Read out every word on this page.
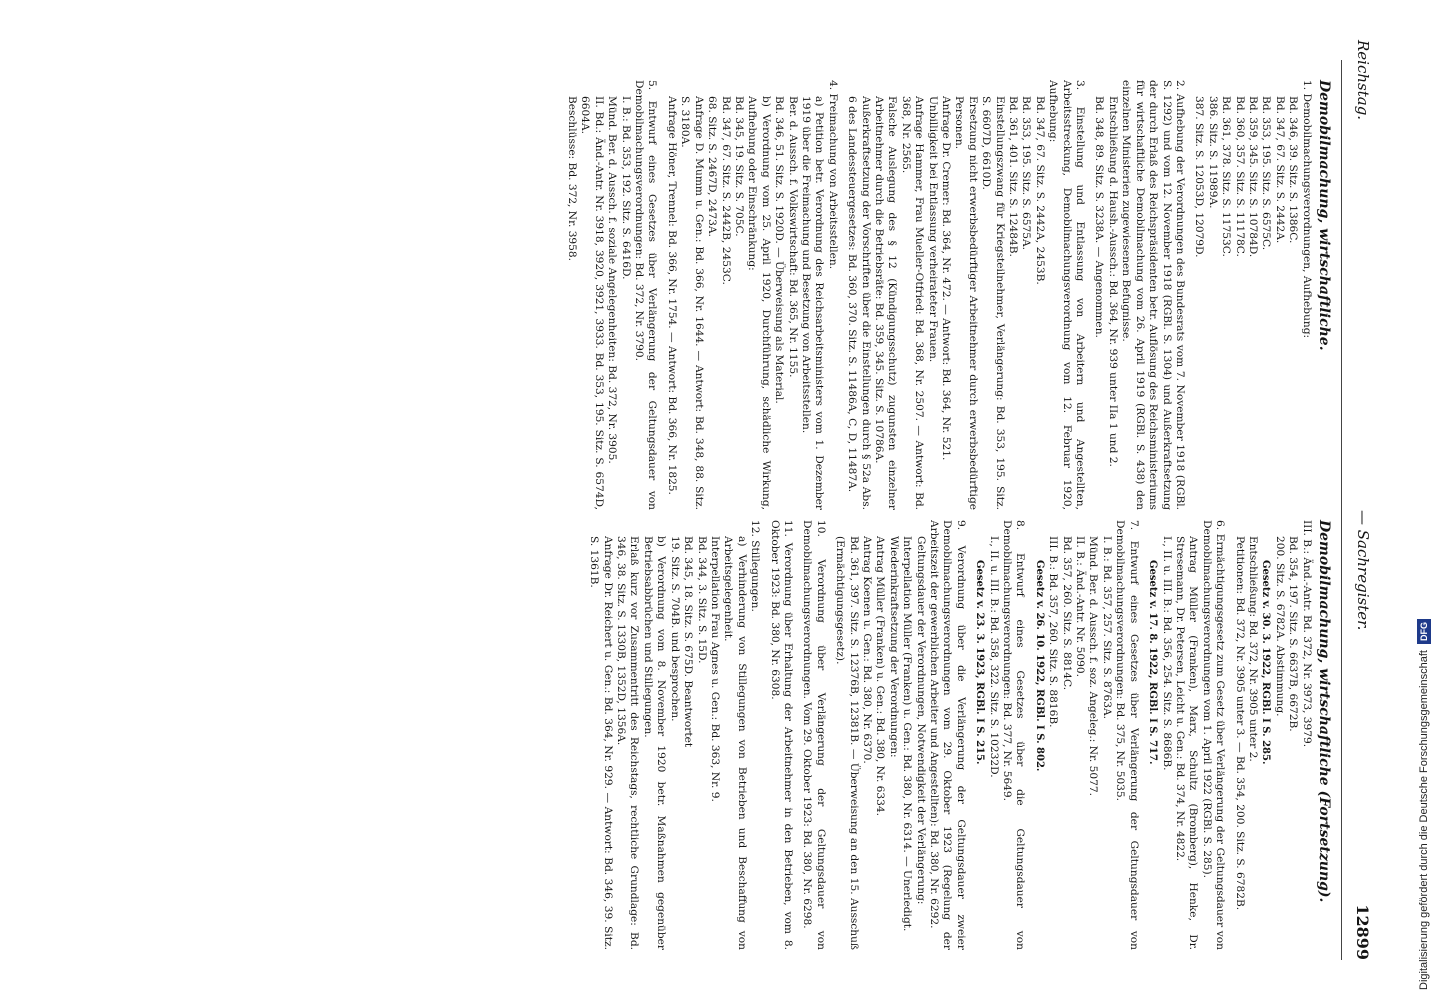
Reichstag.
— Sachregister.
12899
Demobilmachung, wirtschaftliche.
1. Demobilmachungsverordnungen, Aufhebung:
Bd. 346, 39. Sitz. S. 1386C.
Bd. 347, 67. Sitz. S. 2442A.
Bd. 353, 195. Sitz. S. 6575C.
Bd. 359, 345. Sitz. S. 10784D.
Bd. 360, 357. Sitz. S. 11178C.
Bd. 361, 378. Sitz. S. 11753C.
386. Sitz. S. 11989A.
387. Sitz. S. 12053D, 12079D.
2. Aufhebung der Verordnungen des Bundesrats vom 7. November 1918 (RGBl. S. 1292) und vom 12. November 1918 (RGBl. S. 1304) und Außerkraftsetzung der durch Erlaß des Reichspräsidenten betr. Auflösung des Reichsministeriums für wirtschaftliche Demobilmachung vom 26. April 1919 (RGBl. S. 438) den einzelnen Ministerien zugewiesenen Befugnisse.
Entschließung d. Haush.-Aussch.: Bd. 364, Nr. 939 unter IIa 1 und 2.
Bd. 348, 89. Sitz. S. 3238A. — Angenommen.
3. Einstellung und Entlassung von Arbeitern und Angestellten, Arbeitsstreckung, Demobilmachungsverordnung vom 12. Februar 1920, Aufhebung:
Bd. 347, 67. Sitz. S. 2442A, 2453B.
Bd. 353, 195. Sitz. S. 6575A.
Bd. 361, 401. Sitz. S. 12484B.
Einstellungszwang für Kriegsteilnehmer, Verlängerung: Bd. 353, 195. Sitz. S. 6607D, 6610D.
Ersetzung nicht erwerbsbedürftiger Arbeitnehmer durch erwerbsbedürftige Personen.
Anfrage Dr. Cremer: Bd. 364, Nr. 472. — Antwort: Bd. 364, Nr. 521.
Unbilligkeit bei Entlassung verheirateter Frauen.
Anfrage Hammer, Frau Mueller-Otfried: Bd. 368, Nr. 2507. — Antwort: Bd. 368, Nr. 2565.
Falsche Auslegung des § 12 (Kündigungsschutz) zugunsten einzelner Arbeitnehmer durch die Betriebsräte: Bd. 359, 345. Sitz. S. 10786A.
Außerkraftsetzung der Vorschriften über die Einstellungen durch § 52a Abs. 6 des Landessteuergesetzes: Bd. 360, 370. Sitz. S. 11486A, C, D, 11487A.
4. Freimachung von Arbeitsstellen.
a) Petition betr. Verordnung des Reichsarbeitsministers vom 1. Dezember 1919 über die Freimachung und Besetzung von Arbeitsstellen.
Ber. d. Aussch. f. Volkswirtschaft: Bd. 365, Nr. 1155.
Bd. 346, 51. Sitz. S. 1920D. — Überweisung als Material.
b) Verordnung vom 25. April 1920, Durchführung, schädliche Wirkung, Aufhebung oder Einschränkung:
Bd. 345, 19. Sitz. S. 705C.
Bd. 347, 67. Sitz. S. 2442B, 2453C.
68. Sitz. S. 2467D, 2473A.
Anfrage D. Mumm u. Gen.: Bd. 366, Nr. 1644. — Antwort: Bd. 348, 88. Sitz. S. 3180A.
Anfrage Höner, Trennel: Bd. 366, Nr. 1754. — Antwort: Bd. 366, Nr. 1825.
5. Entwurf eines Gesetzes über Verlängerung der Geltungsdauer von Demobilmachungsverordnungen: Bd. 372, Nr. 3790.
I. B.: Bd. 353, 192. Sitz. S. 6416D.
Münd. Ber. d. Aussch. f. soziale Angelegenheiten: Bd. 372, Nr. 3905.
II. Bd.: Änd.-Antr. Nr. 3918, 3920, 3921, 3933. Bd. 353, 195. Sitz. S. 6574D, 6604A.
Beschlüsse: Bd. 372, Nr. 3958.
Demobilmachung, wirtschaftliche (Fortsetzung).
III. B.: Änd.-Antr. Bd. 372, Nr. 3973, 3979.
Bd. 354, 197. Sitz. S. 6637B, 6672B.
200. Sitz. S. 6782A. Abstimmung.
Gesetz v. 30. 3. 1922, RGBl. I S. 285.
Entschließung: Bd. 372, Nr. 3905 unter 2.
Petitionen: Bd. 372, Nr. 3905 unter 3. — Bd. 354, 200. Sitz. S. 6782B.
6. Ermächtigungsgesetz zum Gesetz über Verlängerung der Geltungsdauer von Demobilmachungsverordnungen vom 1. April 1922 (RGBl. S. 285).
Antrag Müller (Franken), Marx, Schultz (Bromberg), Henke, Dr. Stresemann, Dr. Petersen, Leicht u. Gen.: Bd. 374, Nr. 4822.
I., II. u. III. B.: Bd. 356, 254. Sitz. S. 8686B.
Gesetz v. 17. 8. 1922, RGBl. I S. 717.
7. Entwurf eines Gesetzes über Verlängerung der Geltungsdauer von Demobilmachungsverordnungen: Bd. 375, Nr. 5035.
I. B.: Bd. 357, 257. Sitz. S. 8763A.
Münd. Ber. d. Aussch. f. soz. Angeleg.: Nr. 5077.
II. B.: Änd.-Antr. Nr. 5090.
Bd. 357, 260. Sitz. S. 8814C.
III. B.: Bd. 357, 260. Sitz. S. 8816B.
Gesetz v. 26. 10. 1922, RGBl. I S. 802.
8. Entwurf eines Gesetzes über die Geltungsdauer von Demobilmachungsverordnungen: Bd. 377, Nr. 5649.
I., II. u. III. B.: Bd. 358, 322. Sitz. S. 10232D.
Gesetz v. 23. 3. 1923, RGBl. I S. 215.
9. Verordnung über die Verlängerung der Geltungsdauer zweier Demobilmachungsverordnungen vom 29. Oktober 1923 (Regelung der Arbeitszeit der gewerblichen Arbeiter und Angestellten): Bd. 380, Nr. 6292.
Geltungsdauer der Verordnungen, Notwendigkeit der Verlängerung:
Interpellation Müller (Franken) u. Gen.: Bd. 380, Nr. 6314. — Unerledigt.
Wiederinkraftsetzung der Verordnungen:
Antrag Müller (Franken) u. Gen.: Bd. 380, Nr. 6334.
Antrag Koenen u. Gen.: Bd. 380, Nr. 6370.
Bd. 361, 397. Sitz. S. 12376B, 12381B. — Überweisung an den 15. Ausschuß (Ermächtigungsgesetz).
10. Verordnung über Verlängerung der Geltungsdauer von Demobilmachungsverordnungen. Vom 29. Oktober 1923: Bd. 380, Nr. 6298.
11. Verordnung über Erhaltung der Arbeitnehmer in den Betrieben, vom 8. Oktober 1923: Bd. 380, Nr. 6308.
12. Stillegungen.
a) Verhinderung von Stillegungen von Betrieben und Beschaffung von Arbeitsgelegenheit.
Interpellation Frau Agnes u. Gen.: Bd. 363, Nr. 9.
Bd. 344, 3. Sitz. S. 15D.
Bd. 345, 18. Sitz. S. 675D. Beantwortet
19. Sitz. S. 704B. und besprochen.
b) Verordnung vom 8. November 1920 betr. Maßnahmen gegenüber Betriebsabbrüchen und Stillegungen.
Erlaß kurz vor Zusammentritt des Reichstags, rechtliche Grundlage: Bd. 346, 38. Sitz. S. 1330B, 1352D, 1356A.
Anfrage Dr. Reichert u. Gen.: Bd. 364, Nr. 929. — Antwort: Bd. 346, 39. Sitz. S. 1361B.
Digitalisierung gefördert durch die Deutsche ForschungsgemeinschaftDFG
